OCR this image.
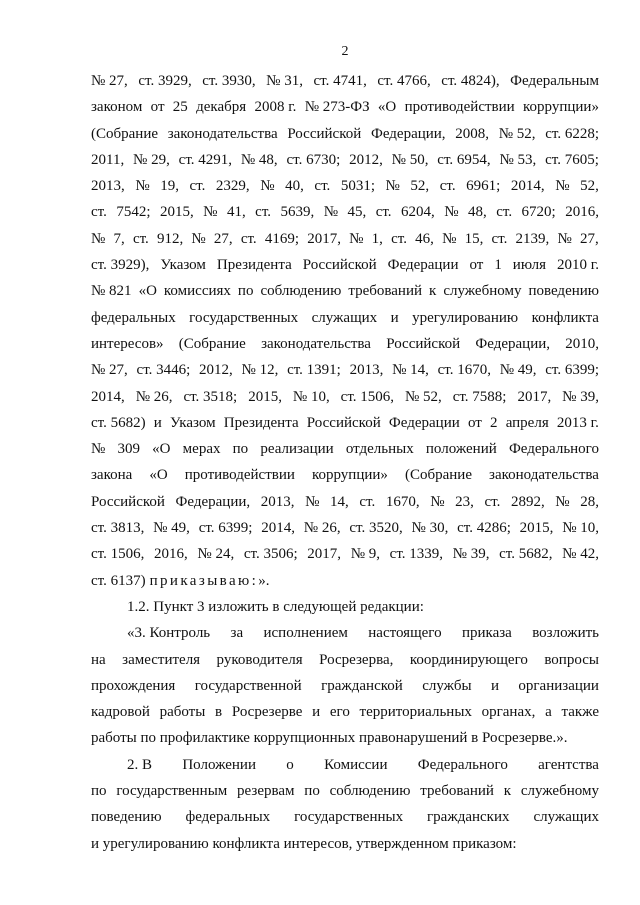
2
№ 27, ст. 3929, ст. 3930, № 31, ст. 4741, ст. 4766, ст. 4824), Федеральным
законом от 25 декабря 2008 г. № 273-ФЗ «О противодействии коррупции»
(Собрание законодательства Российской Федерации, 2008, № 52, ст. 6228;
2011, № 29, ст. 4291, № 48, ст. 6730; 2012, № 50, ст. 6954, № 53, ст. 7605;
2013, № 19, ст. 2329, № 40, ст. 5031; № 52, ст. 6961; 2014, № 52,
ст. 7542; 2015, № 41, ст. 5639, № 45, ст. 6204, № 48, ст. 6720; 2016,
№ 7, ст. 912, № 27, ст. 4169; 2017, № 1, ст. 46, № 15, ст. 2139, № 27,
ст. 3929), Указом Президента Российской Федерации от 1 июля 2010 г.
№ 821 «О комиссиях по соблюдению требований к служебному поведению
федеральных государственных служащих и урегулированию конфликта
интересов» (Собрание законодательства Российской Федерации, 2010,
№ 27, ст. 3446; 2012, № 12, ст. 1391; 2013, № 14, ст. 1670, № 49, ст. 6399;
2014, № 26, ст. 3518; 2015, № 10, ст. 1506, № 52, ст. 7588; 2017, № 39,
ст. 5682) и Указом Президента Российской Федерации от 2 апреля 2013 г.
№ 309 «О мерах по реализации отдельных положений Федерального
закона «О противодействии коррупции» (Собрание законодательства
Российской Федерации, 2013, № 14, ст. 1670, № 23, ст. 2892, № 28,
ст. 3813, № 49, ст. 6399; 2014, № 26, ст. 3520, № 30, ст. 4286; 2015, № 10,
ст. 1506, 2016, № 24, ст. 3506; 2017, № 9, ст. 1339, № 39, ст. 5682, № 42,
ст. 6137) приказываю: ».
1.2. Пункт 3 изложить в следующей редакции:
«3. Контроль за исполнением настоящего приказа возложить
на заместителя руководителя Росрезерва, координирующего вопросы
прохождения государственной гражданской службы и организации
кадровой работы в Росрезерве и его территориальных органах, а также
работы по профилактике коррупционных правонарушений в Росрезерве.».
2. В Положении о Комиссии Федерального агентства
по государственным резервам по соблюдению требований к служебному
поведению федеральных государственных гражданских служащих
и урегулированию конфликта интересов, утвержденном приказом:
